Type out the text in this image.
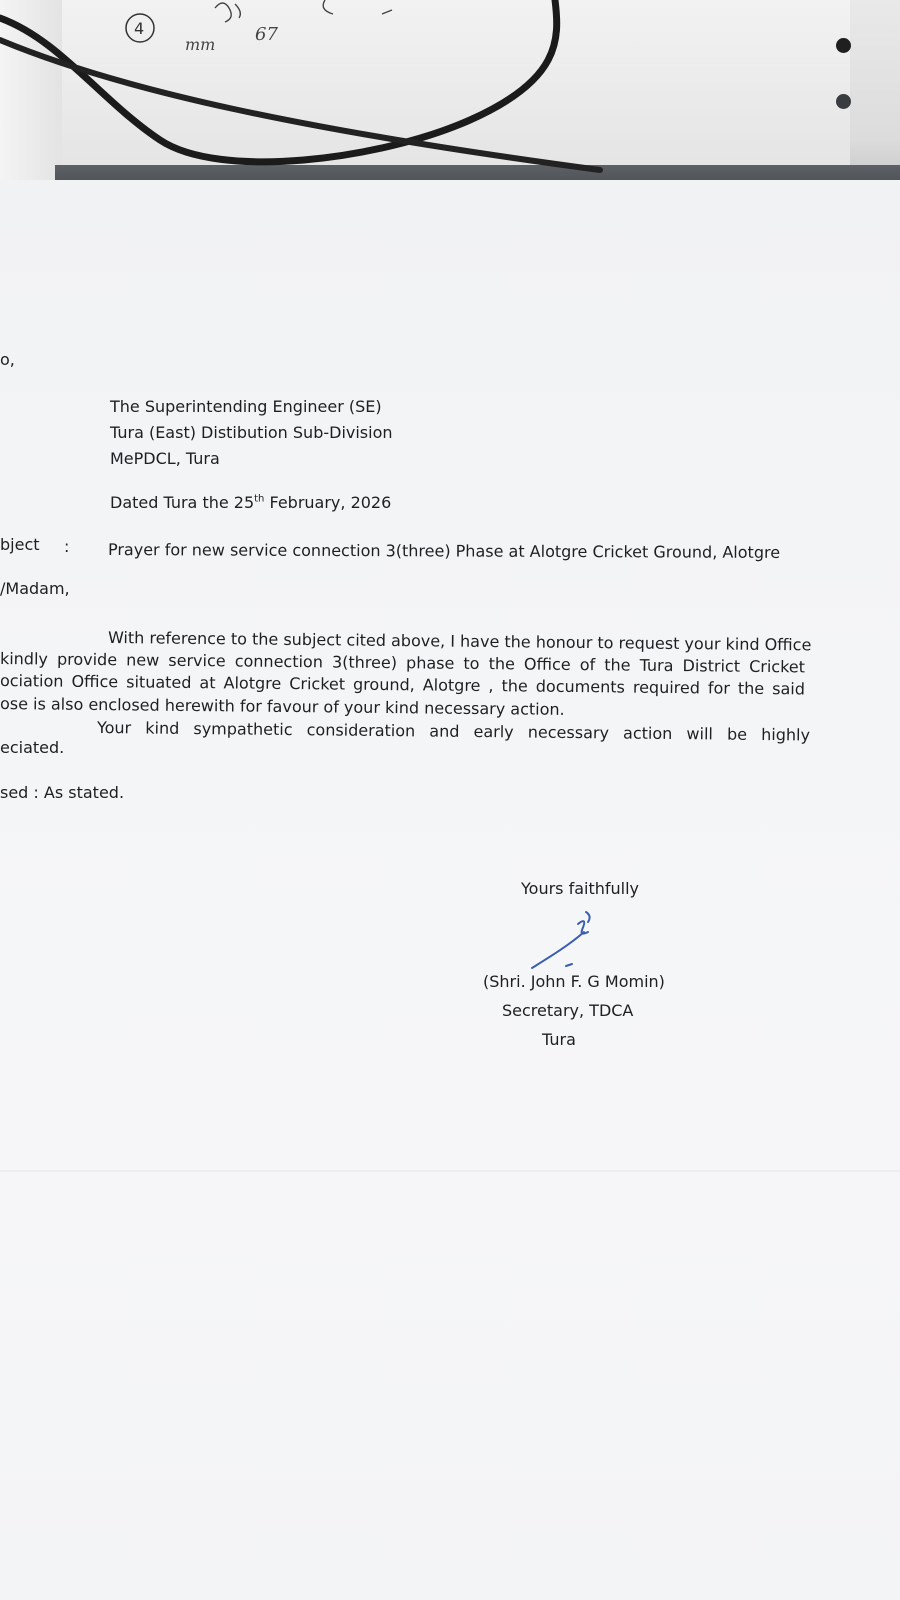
4
mm 67
o,
The Superintending Engineer (SE)
Tura (East) Distibution Sub-Division
MePDCL, Tura
Dated Tura the 25th February, 2026
bject : Prayer for new service connection 3(three) Phase at Alotgre Cricket Ground, Alotgre
/Madam,
With reference to the subject cited above, I have the honour to request your kind Office
kindly provide new service connection 3(three) phase to the Office of the Tura District Cricket
ociation Office situated at Alotgre Cricket ground, Alotgre , the documents required for the said
ose is also enclosed herewith for favour of your kind necessary action.
Your kind sympathetic consideration and early necessary action will be highly
eciated.
sed : As stated.
Yours faithfully
(Shri. John F. G Momin)
Secretary, TDCA
Tura
